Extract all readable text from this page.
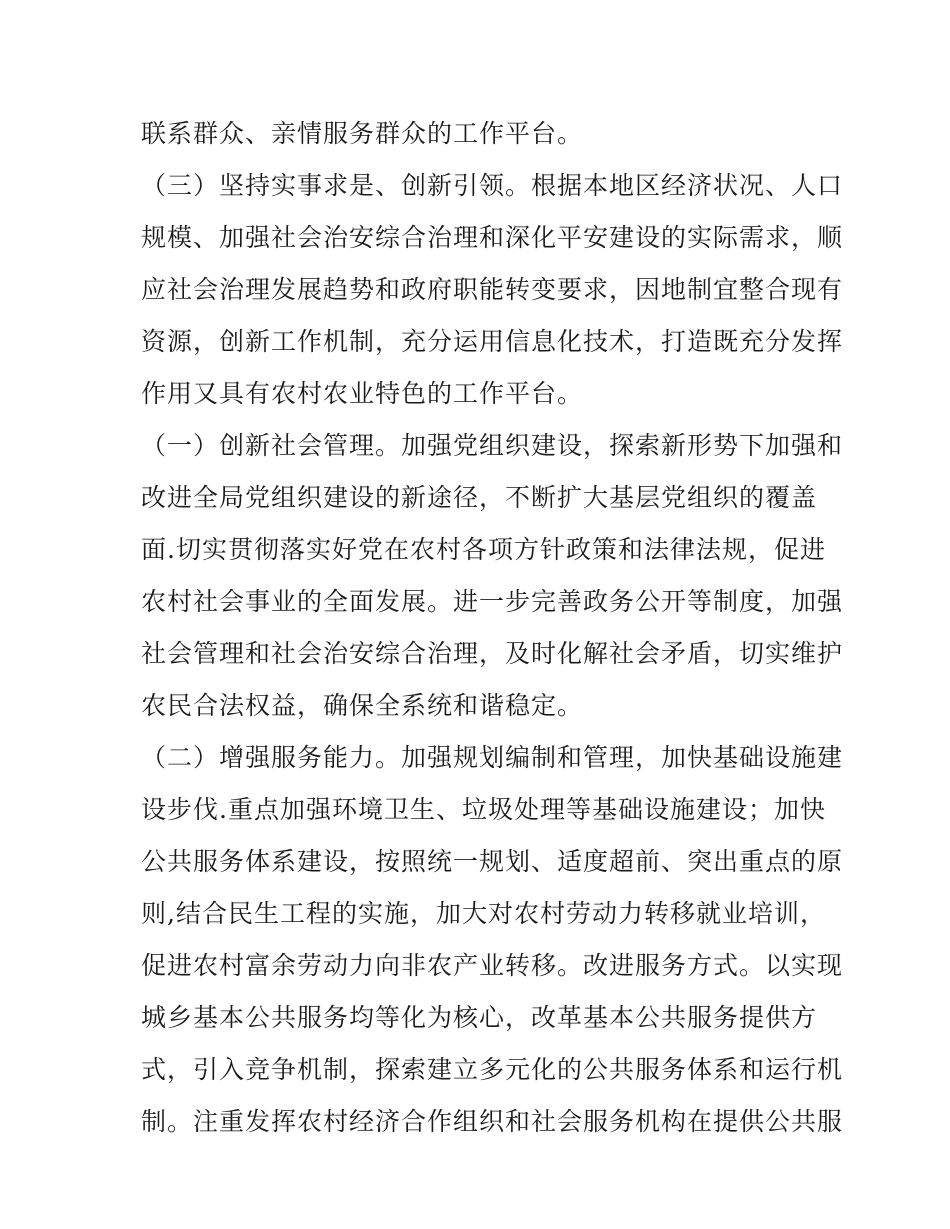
联系群众、亲情服务群众的工作平台。
（三）坚持实事求是、创新引领。根据本地区经济状况、人口
规模、加强社会治安综合治理和深化平安建设的实际需求，顺
应社会治理发展趋势和政府职能转变要求，因地制宜整合现有
资源，创新工作机制，充分运用信息化技术，打造既充分发挥
作用又具有农村农业特色的工作平台。
（一）创新社会管理。加强党组织建设，探索新形势下加强和
改进全局党组织建设的新途径，不断扩大基层党组织的覆盖
面.切实贯彻落实好党在农村各项方针政策和法律法规，促进
农村社会事业的全面发展。进一步完善政务公开等制度，加强
社会管理和社会治安综合治理，及时化解社会矛盾，切实维护
农民合法权益，确保全系统和谐稳定。
（二）增强服务能力。加强规划编制和管理，加快基础设施建
设步伐.重点加强环境卫生、垃圾处理等基础设施建设；加快
公共服务体系建设，按照统一规划、适度超前、突出重点的原
则,结合民生工程的实施，加大对农村劳动力转移就业培训，
促进农村富余劳动力向非农产业转移。改进服务方式。以实现
城乡基本公共服务均等化为核心，改革基本公共服务提供方
式，引入竞争机制，探索建立多元化的公共服务体系和运行机
制。注重发挥农村经济合作组织和社会服务机构在提供公共服
